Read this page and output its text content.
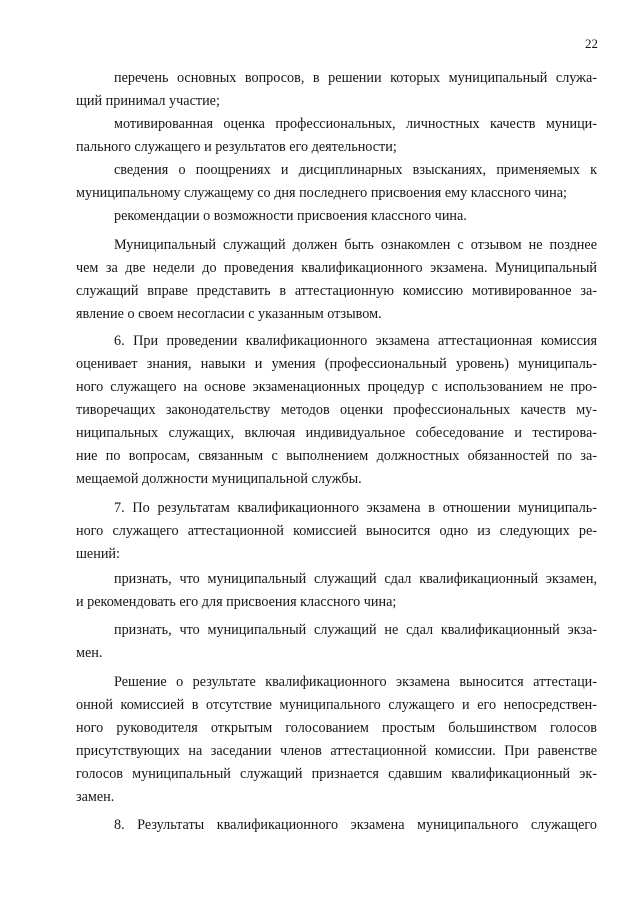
22
перечень основных вопросов, в решении которых муниципальный служа-
щий принимал участие;
мотивированная оценка профессиональных, личностных качеств муници-
пального служащего и результатов его деятельности;
сведения о поощрениях и дисциплинарных взысканиях, применяемых к
муниципальному служащему со дня последнего присвоения ему классного чина;
рекомендации о возможности присвоения классного чина.
Муниципальный служащий должен быть ознакомлен с отзывом не позднее
чем за две недели до проведения квалификационного экзамена. Муниципальный
служащий вправе представить в аттестационную комиссию мотивированное за-
явление о своем несогласии с указанным отзывом.
6. При проведении квалификационного экзамена аттестационная комиссия
оценивает знания, навыки и умения (профессиональный уровень) муниципаль-
ного служащего на основе экзаменационных процедур с использованием не про-
тиворечащих законодательству методов оценки профессиональных качеств му-
ниципальных служащих, включая индивидуальное собеседование и тестирова-
ние по вопросам, связанным с выполнением должностных обязанностей по за-
мещаемой должности муниципальной службы.
7. По результатам квалификационного экзамена в отношении муниципаль-
ного служащего аттестационной комиссией выносится одно из следующих ре-
шений:
признать, что муниципальный служащий сдал квалификационный экзамен,
и рекомендовать его для присвоения классного чина;
признать, что муниципальный служащий не сдал квалификационный экза-
мен.
Решение о результате квалификационного экзамена выносится аттестаци-
онной комиссией в отсутствие муниципального служащего и его непосредствен-
ного руководителя открытым голосованием простым большинством голосов
присутствующих на заседании членов аттестационной комиссии. При равенстве
голосов муниципальный служащий признается сдавшим квалификационный эк-
замен.
8. Результаты квалификационного экзамена муниципального служащего
